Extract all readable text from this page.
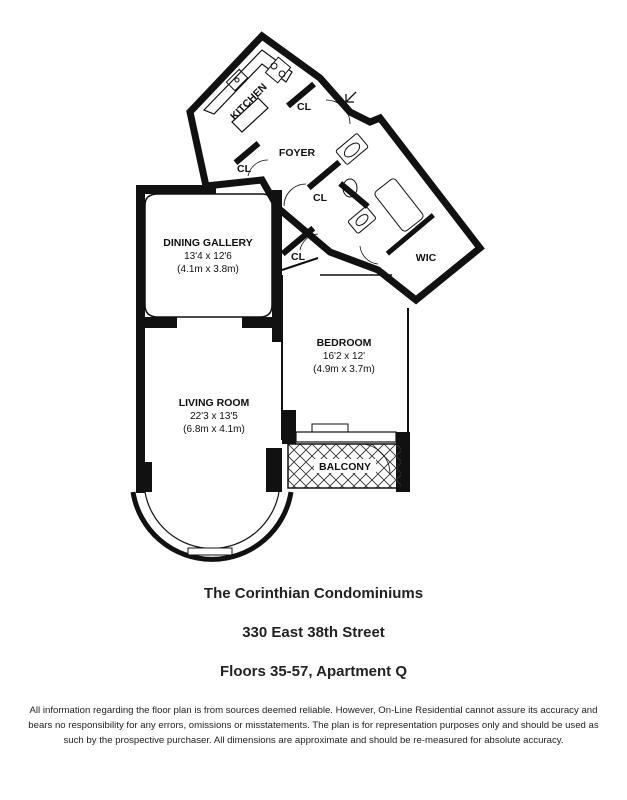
KITCHEN
FOYER
CL
CL
CL
CL
DINING GALLERY
13'4 x 12'6
(4.1m x 3.8m)
LIVING ROOM
22'3 x 13'5
(6.8m x 4.1m)
BEDROOM
16'2 x 12'
(4.9m x 3.7m)
BALCONY
WIC
The Corinthian Condominiums
330 East 38th Street
Floors 35-57, Apartment Q
All information regarding the floor plan is from sources deemed reliable. However, On-Line Residential cannot assure its accuracy and bears no responsibility for any errors, omissions or misstatements. The plan is for representation purposes only and should be used as such by the prospective purchaser. All dimensions are approximate and should be re-measured for absolute accuracy.
